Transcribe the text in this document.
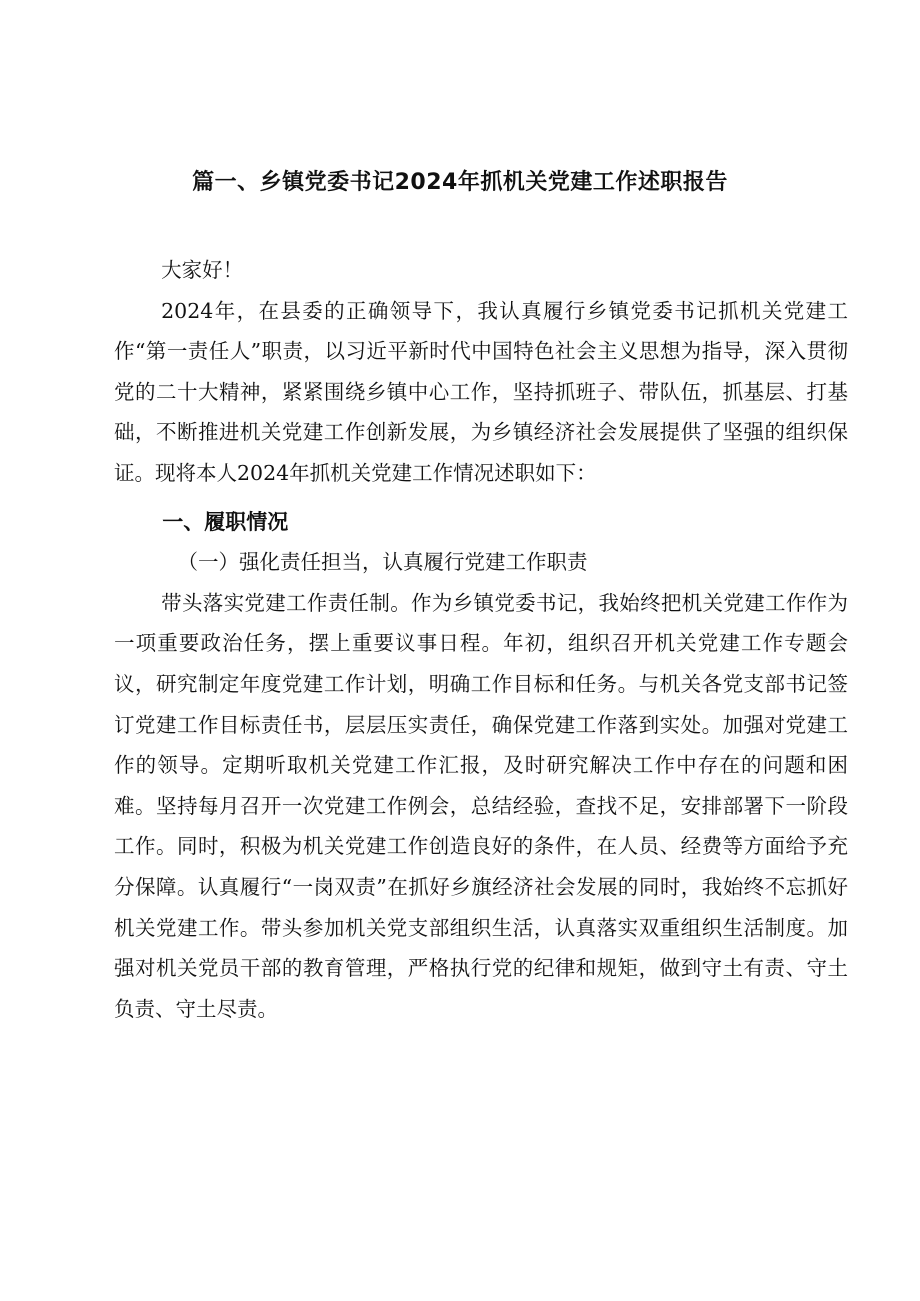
篇一、乡镇党委书记2024年抓机关党建工作述职报告

大家好！

2024年，在县委的正确领导下，我认真履行乡镇党委书记抓机关党建工作“第一责任人”职责，以习近平新时代中国特色社会主义思想为指导，深入贯彻党的二十大精神，紧紧围绕乡镇中心工作，坚持抓班子、带队伍，抓基层、打基础，不断推进机关党建工作创新发展，为乡镇经济社会发展提供了坚强的组织保证。现将本人2024年抓机关党建工作情况述职如下：

一、履职情况

（一）强化责任担当，认真履行党建工作职责

带头落实党建工作责任制。作为乡镇党委书记，我始终把机关党建工作作为一项重要政治任务，摆上重要议事日程。年初，组织召开机关党建工作专题会议，研究制定年度党建工作计划，明确工作目标和任务。与机关各党支部书记签订党建工作目标责任书，层层压实责任，确保党建工作落到实处。加强对党建工作的领导。定期听取机关党建工作汇报，及时研究解决工作中存在的问题和困难。坚持每月召开一次党建工作例会，总结经验，查找不足，安排部署下一阶段工作。同时，积极为机关党建工作创造良好的条件，在人员、经费等方面给予充分保障。认真履行“一岗双责”在抓好乡旗经济社会发展的同时，我始终不忘抓好机关党建工作。带头参加机关党支部组织生活，认真落实双重组织生活制度。加强对机关党员干部的教育管理，严格执行党的纪律和规矩，做到守土有责、守土负责、守土尽责。
